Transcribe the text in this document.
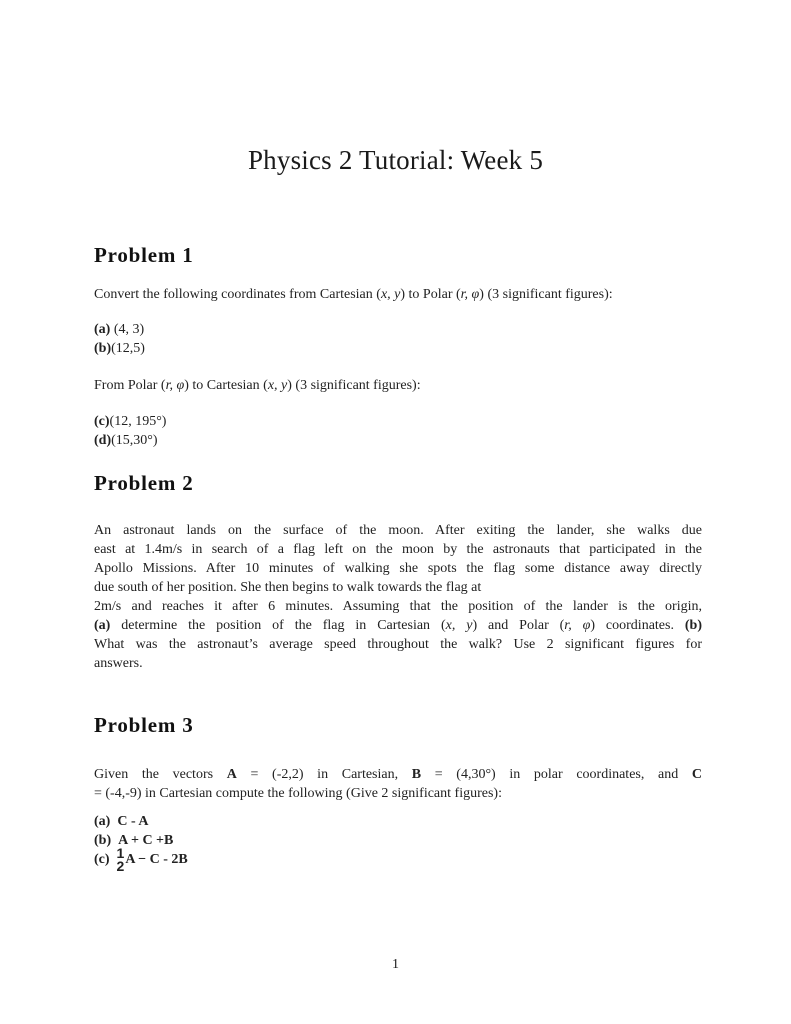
Physics 2 Tutorial: Week 5
Problem 1
Convert the following coordinates from Cartesian (x, y) to Polar (r, φ) (3 significant figures):
(a) (4, 3)
(b)(12,5)
From Polar (r, φ) to Cartesian (x, y) (3 significant figures):
(c)(12, 195°)
(d)(15,30°)
Problem 2
An astronaut lands on the surface of the moon. After exiting the lander, she walks due
east at 1.4m/s in search of a flag left on the moon by the astronauts that participated in the
Apollo Missions. After 10 minutes of walking she spots the flag some distance away directly
due south of her position. She then begins to walk towards the flag at
2m/s and reaches it after 6 minutes. Assuming that the position of the lander is the origin,
(a) determine the position of the flag in Cartesian (x, y) and Polar (r, φ) coordinates. (b)
What was the astronaut’s average speed throughout the walk? Use 2 significant figures for
answers.
Problem 3
Given the vectors A = (-2,2) in Cartesian, B = (4,30°) in polar coordinates, and C
= (-4,-9) in Cartesian compute the following (Give 2 significant figures):
(a) C - A
(b) A + C +B
(c) 1
2 A − C - 2B
1
